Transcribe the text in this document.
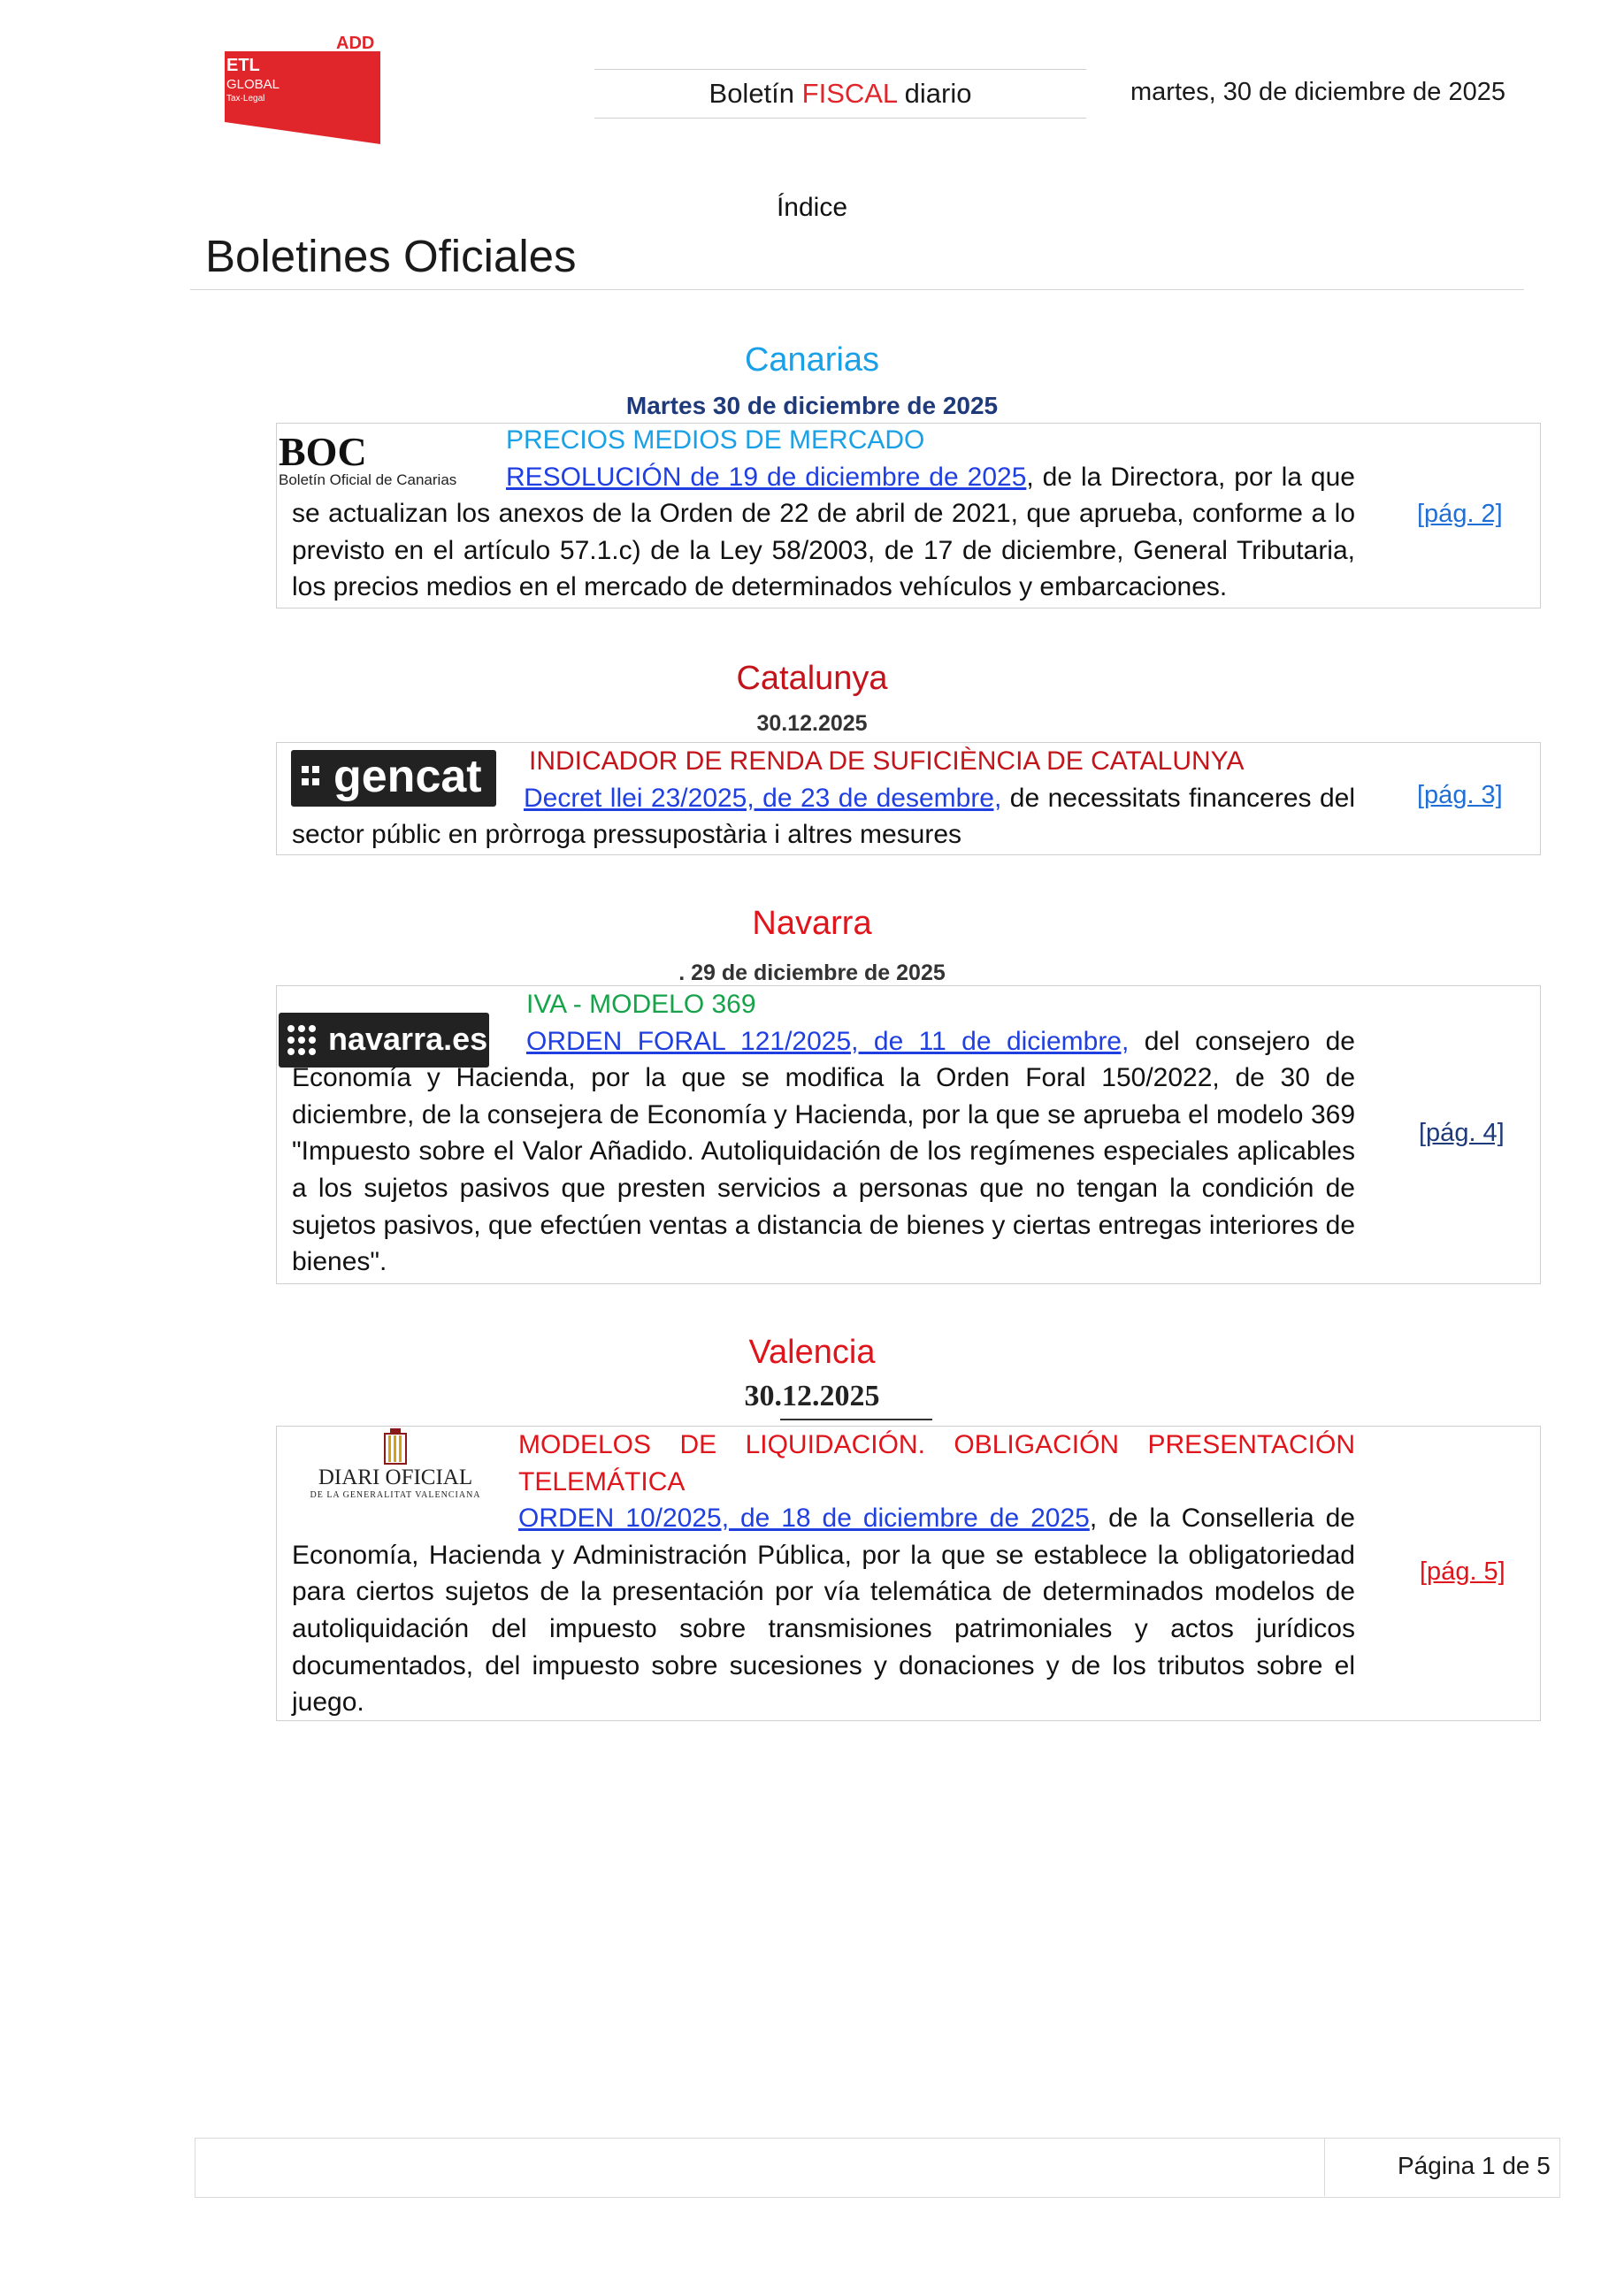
ADD
ETL
GLOBAL
Tax·Legal	Boletín FISCAL diario	martes, 30 de diciembre de 2025
Índice
Boletines Oficiales
Canarias
Martes 30 de diciembre de 2025
BOC
Boletín Oficial de Canarias
PRECIOS MEDIOS DE MERCADO
RESOLUCIÓN de 19 de diciembre de 2025, de la Directora, por la que se actualizan los anexos de la Orden de 22 de abril de 2021, que aprueba, conforme a lo previsto en el artículo 57.1.c) de la Ley 58/2003, de 17 de diciembre, General Tributaria, los precios medios en el mercado de determinados vehículos y embarcaciones.
[pág. 2]
Catalunya
30.12.2025
gencat	INDICADOR DE RENDA DE SUFICIÈNCIA DE CATALUNYA
Decret llei 23/2025, de 23 de desembre, de necessitats financeres del sector públic en pròrroga pressupostària i altres mesures
[pág. 3]
Navarra
. 29 de diciembre de 2025
navarra.es
IVA - MODELO 369
ORDEN FORAL 121/2025, de 11 de diciembre, del consejero de Economía y Hacienda, por la que se modifica la Orden Foral 150/2022, de 30 de diciembre, de la consejera de Economía y Hacienda, por la que se aprueba el modelo 369 "Impuesto sobre el Valor Añadido. Autoliquidación de los regímenes especiales aplicables a los sujetos pasivos que presten servicios a personas que no tengan la condición de sujetos pasivos, que efectúen ventas a distancia de bienes y ciertas entregas interiores de bienes".
[pág. 4]
Valencia
30.12.2025
DIARI OFICIAL
DE LA GENERALITAT VALENCIANA
MODELOS DE LIQUIDACIÓN. OBLIGACIÓN PRESENTACIÓN TELEMÁTICA
ORDEN 10/2025, de 18 de diciembre de 2025, de la Conselleria de Economía, Hacienda y Administración Pública, por la que se establece la obligatoriedad para ciertos sujetos de la presentación por vía telemática de determinados modelos de autoliquidación del impuesto sobre transmisiones patrimoniales y actos jurídicos documentados, del impuesto sobre sucesiones y donaciones y de los tributos sobre el juego.
[pág. 5]
Página 1 de 5
